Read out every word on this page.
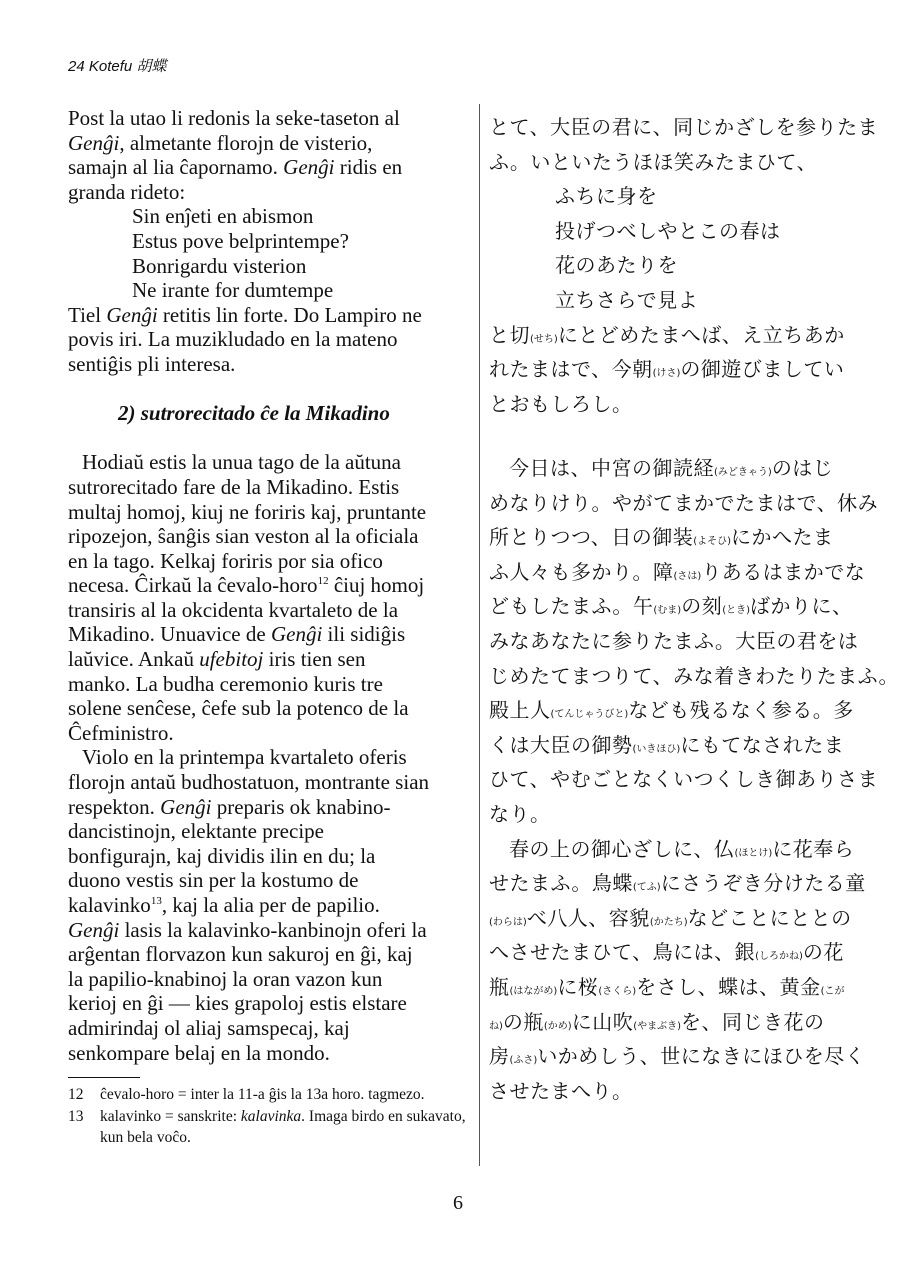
24 Kotefu 胡蝶
Post la utao li redonis la seke-taseton al
Genĝi, almetante florojn de visterio,
samajn al lia ĉapornamo. Genĝi ridis en
granda rideto:
Sin enĵeti en abismon
Estus pove belprintempe?
Bonrigardu visterion
Ne irante for dumtempe
Tiel Genĝi retitis lin forte. Do Lampiro ne
povis iri. La muzikludado en la mateno
sentiĝis pli interesa.
2) sutrorecitado ĉe la Mikadino
Hodiaŭ estis la unua tago de la aŭtuna
sutrorecitado fare de la Mikadino. Estis
multaj homoj, kiuj ne foriris kaj, pruntante
ripozejon, ŝanĝis sian veston al la oficiala
en la tago. Kelkaj foriris por sia ofico
necesa. Ĉirkaŭ la ĉevalo-horo$^{12}$ ĉiuj homoj
transiris al la okcidenta kvartaleto de la
Mikadino. Unuavice de Genĝi ili sidiĝis
laŭvice. Ankaŭ ufebitoj iris tien sen
manko. La budha ceremonio kuris tre
solene senĉese, ĉefe sub la potenco de la
Ĉefministro.
Violo en la printempa kvartaleto oferis
florojn antaŭ budhostatuon, montrante sian
respekton. Genĝi preparis ok knabino-
dancistinojn, elektante precipe
bonfigurajn, kaj dividis ilin en du; la
duono vestis sin per la kostumo de
kalavinko$^{13}$, kaj la alia per de papilio.
Genĝi lasis la kalavinko-kanbinojn oferi la
arĝentan florvazon kun sakuroj en ĝi, kaj
la papilio-knabinoj la oran vazon kun
kerioj en ĝi — kies grapoloj estis elstare
admirindaj ol aliaj samspecaj, kaj
senkompare belaj en la mondo.
12	ĉevalo-horo = inter la 11-a ĝis la 13a horo. tagmezo.
13	kalavinko = sanskrite: kalavinka. Imaga birdo en sukavato, kun bela voĉo.
とて、大臣の君に、同じかざしを参りたま
ふ。いといたうほほ笑みたまひて、
ふちに身を
投げつべしやとこの春は
花のあたりを
立ちさらで見よ
と切(せち)にとどめたまへば、え立ちあか
れたまはで、今朝(けさ)の御遊びましてい
とおもしろし。
今日は、中宮の御読経(みどきゃう)のはじ
めなりけり。やがてまかでたまはで、休み
所とりつつ、日の御装(よそひ)にかへたま
ふ人々も多かり。障(さは)りあるはまかでな
どもしたまふ。午(むま)の刻(とき)ばかりに、
みなあなたに参りたまふ。大臣の君をは
じめたてまつりて、みな着きわたりたまふ。
殿上人(てんじゃうびと)なども残るなく参る。多
くは大臣の御勢(いきほひ)にもてなされたま
ひて、やむごとなくいつくしき御ありさま
なり。
春の上の御心ざしに、仏(ほとけ)に花奉ら
せたまふ。鳥蝶(てふ)にさうぞき分けたる童
(わらは)べ八人、容貌(かたち)などことにととの
へさせたまひて、鳥には、銀(しろかね)の花
瓶(はながめ)に桜(さくら)をさし、蝶は、黄金(こが
ね)の瓶(かめ)に山吹(やまぶき)を、同じき花の
房(ふさ)いかめしう、世になきにほひを尽く
させたまへり。
6
